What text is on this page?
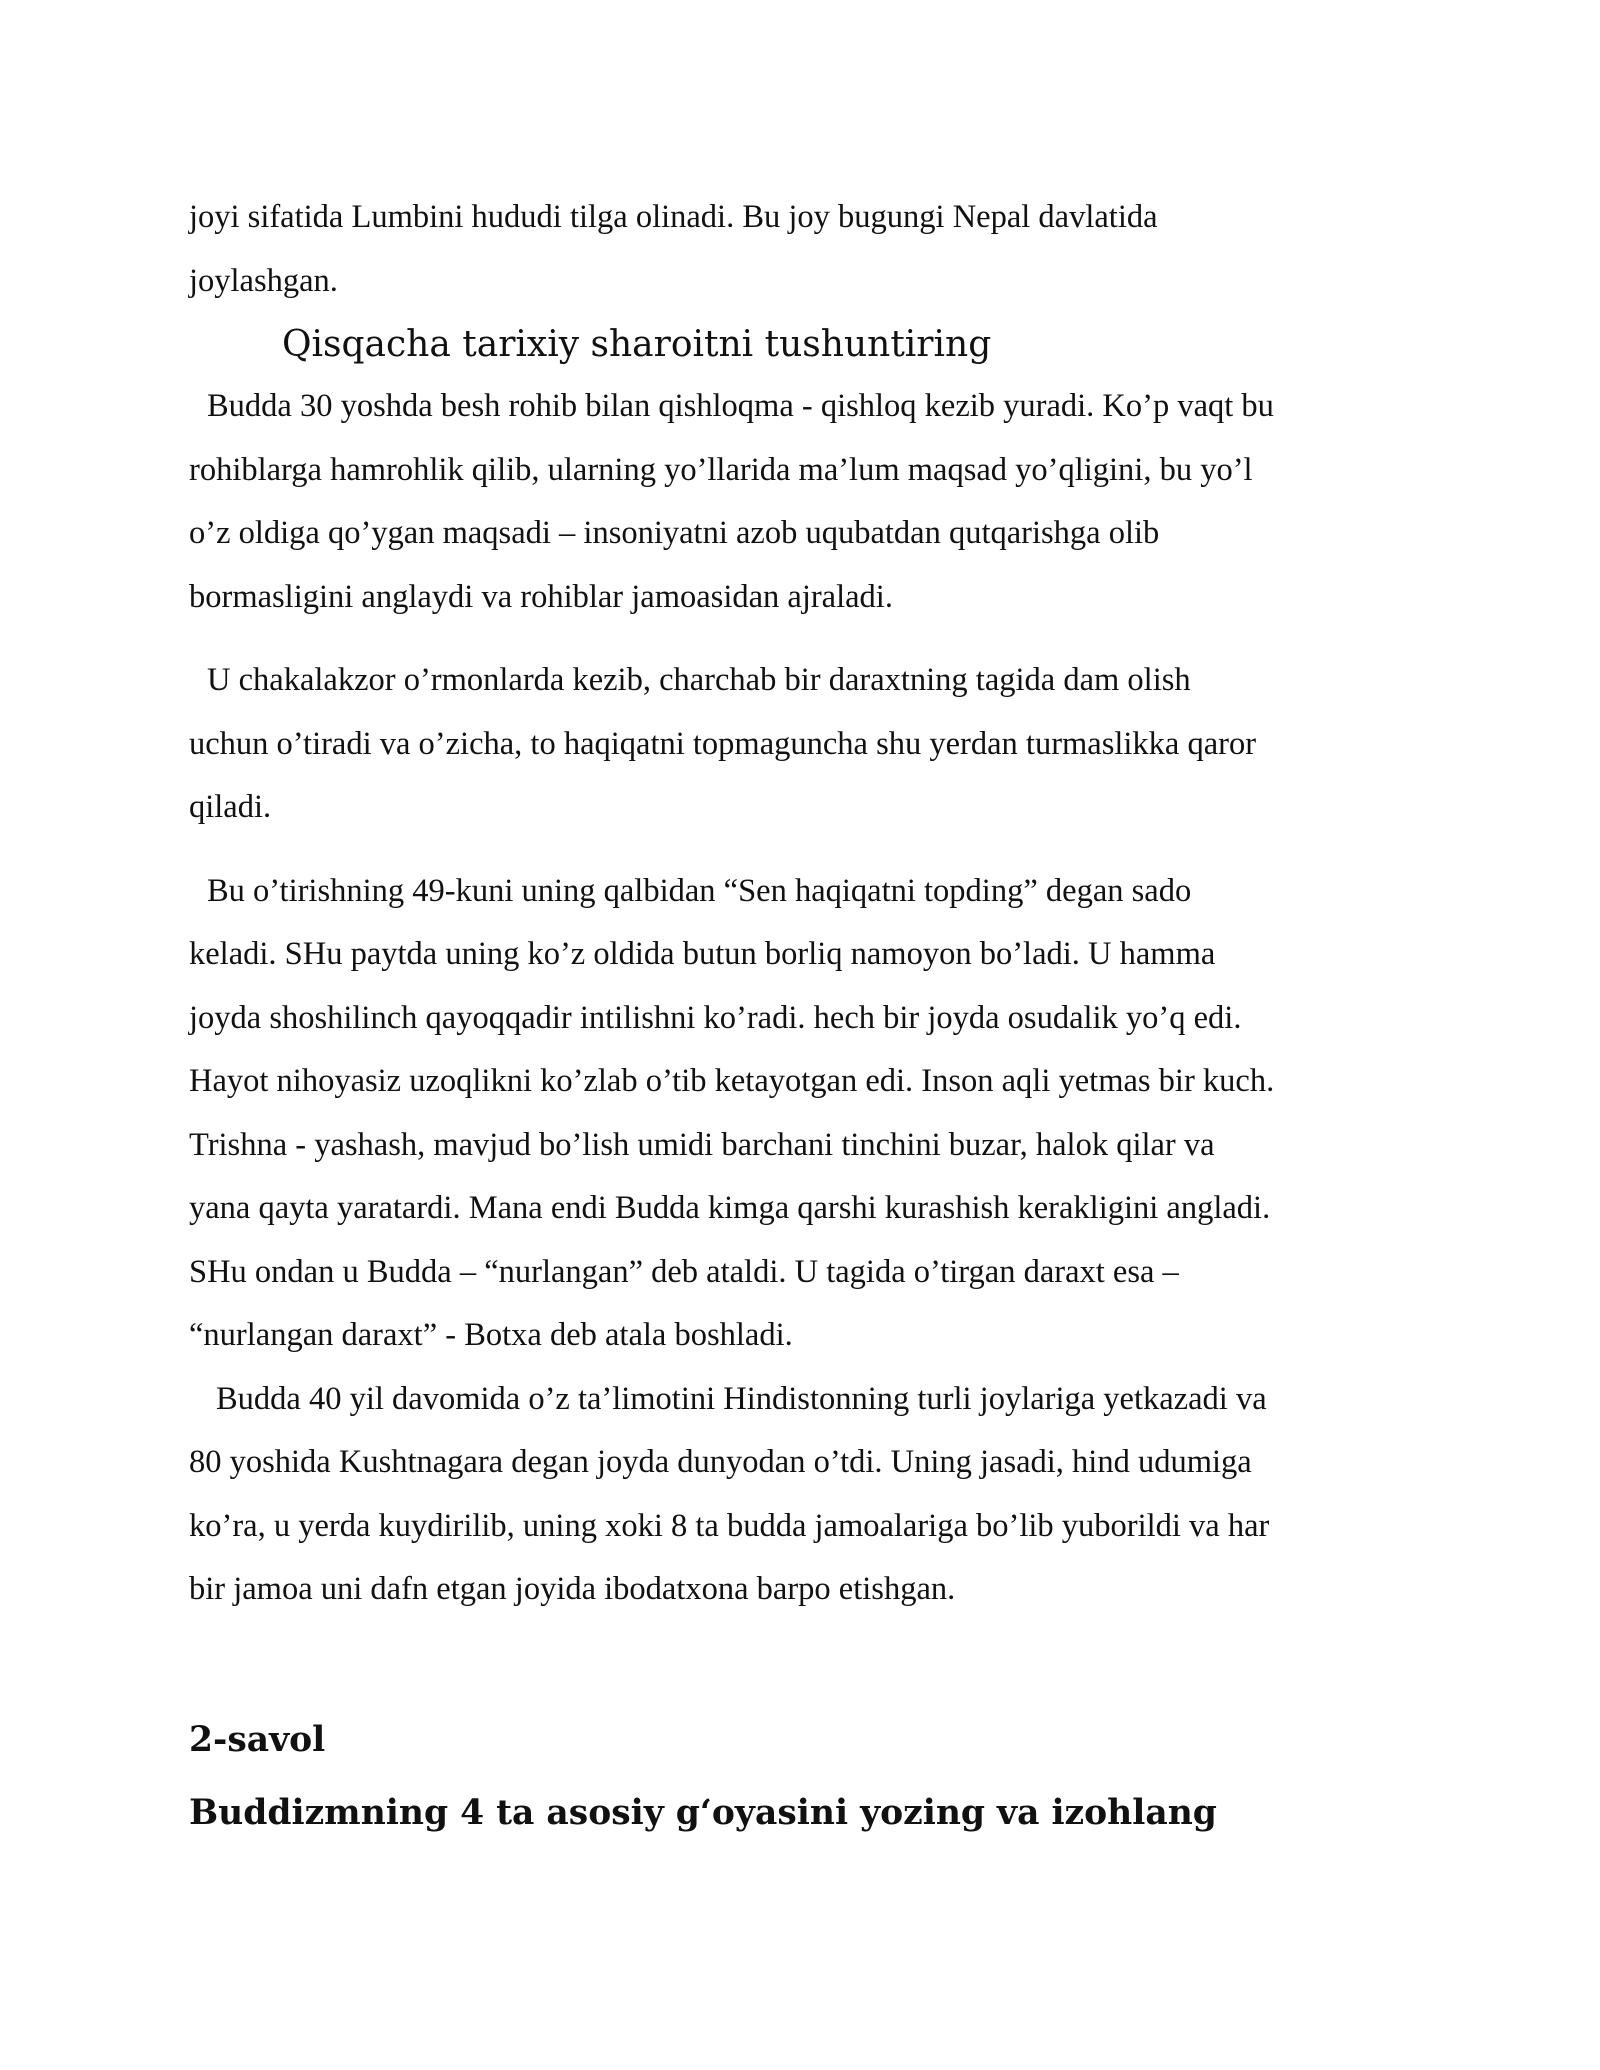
joyi sifatida Lumbini hududi tilga olinadi. Bu joy bugungi Nepal davlatida
joylashgan.

Qisqacha tarixiy sharoitni tushuntiring

Budda 30 yoshda besh rohib bilan qishloqma - qishloq kezib yuradi. Ko’p vaqt bu
rohiblarga hamrohlik qilib, ularning yo’llarida ma’lum maqsad yo’qligini, bu yo’l
o’z oldiga qo’ygan maqsadi – insoniyatni azob uqubatdan qutqarishga olib
bormasligini anglaydi va rohiblar jamoasidan ajraladi.

U chakalakzor o’rmonlarda kezib, charchab bir daraxtning tagida dam olish
uchun o’tiradi va o’zicha, to haqiqatni topmaguncha shu yerdan turmaslikka qaror
qiladi.

Bu o’tirishning 49-kuni uning qalbidan “Sen haqiqatni topding” degan sado
keladi. SHu paytda uning ko’z oldida butun borliq namoyon bo’ladi. U hamma
joyda shoshilinch qayoqqadir intilishni ko’radi. hech bir joyda osudalik yo’q edi.
Hayot nihoyasiz uzoqlikni ko’zlab o’tib ketayotgan edi. Inson aqli yetmas bir kuch.
Trishna - yashash, mavjud bo’lish umidi barchani tinchini buzar, halok qilar va
yana qayta yaratardi. Mana endi Budda kimga qarshi kurashish kerakligini angladi.
SHu ondan u Budda – “nurlangan” deb ataldi. U tagida o’tirgan daraxt esa –
“nurlangan daraxt” - Botxa deb atala boshladi.

Budda 40 yil davomida o’z ta’limotini Hindistonning turli joylariga yetkazadi va
80 yoshida Kushtnagara degan joyda dunyodan o’tdi. Uning jasadi, hind udumiga
ko’ra, u yerda kuydirilib, uning xoki 8 ta budda jamoalariga bo’lib yuborildi va har
bir jamoa uni dafn etgan joyida ibodatxona barpo etishgan.

2-savol
Buddizmning 4 ta asosiy g‘oyasini yozing va izohlang
